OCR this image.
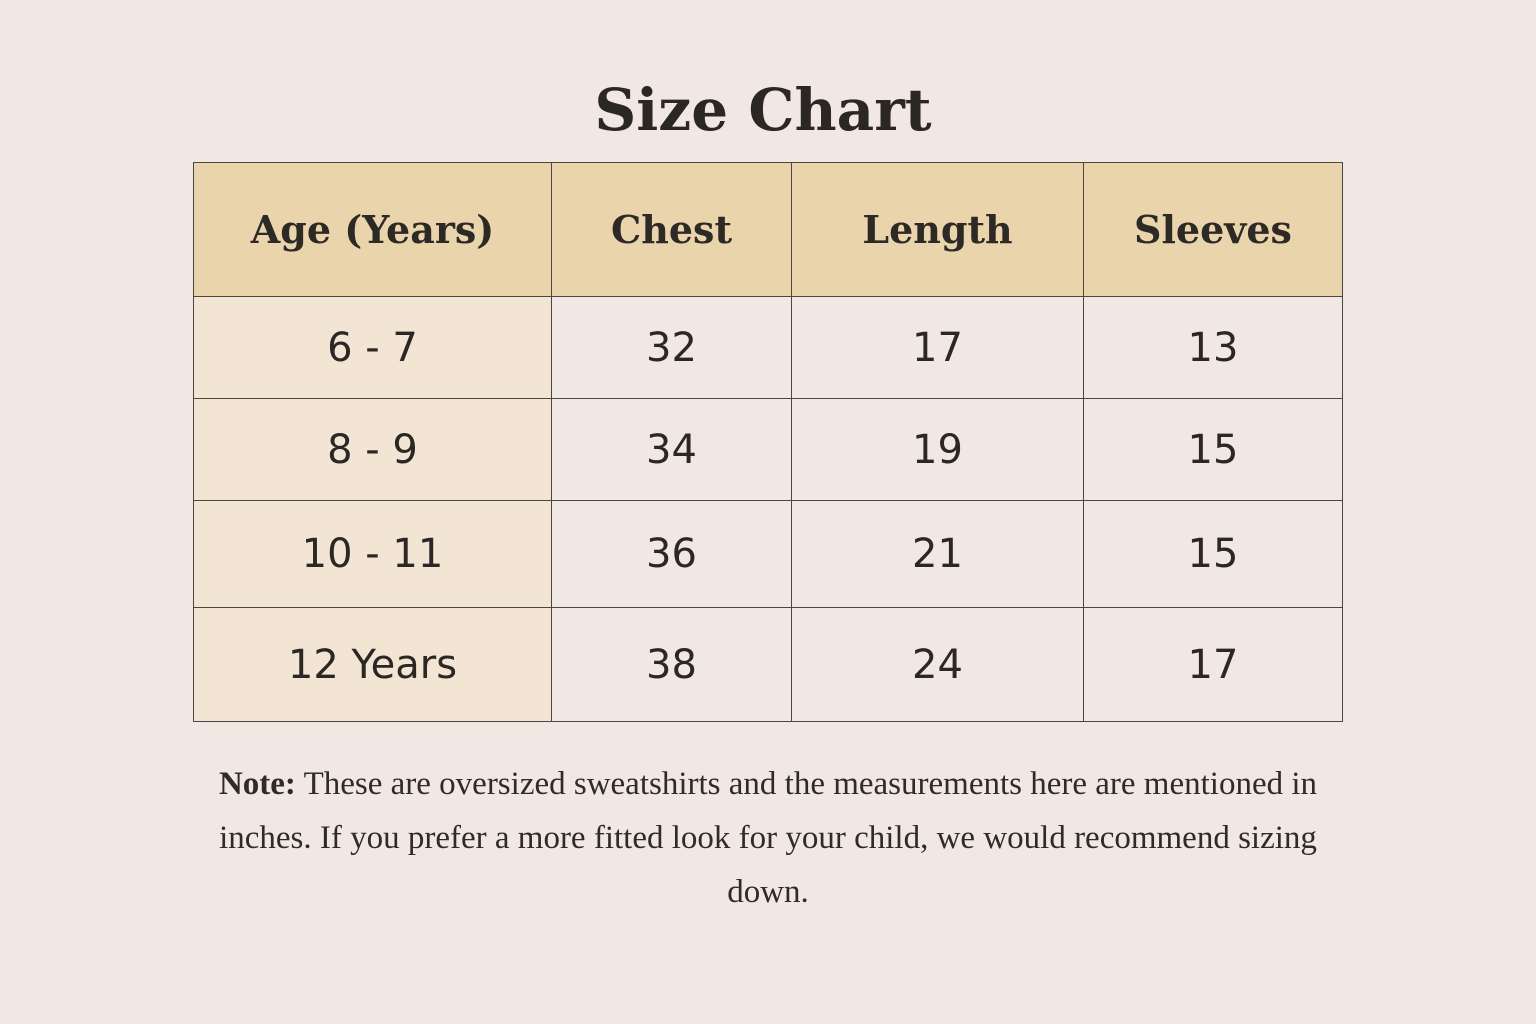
Size Chart
Age (Years)	Chest	Length	Sleeves
6 - 7	32	17	13
8 - 9	34	19	15
10 - 11	36	21	15
12 Years	38	24	17

Note: These are oversized sweatshirts and the measurements here are mentioned in inches. If you prefer a more fitted look for your child, we would recommend sizing down.
